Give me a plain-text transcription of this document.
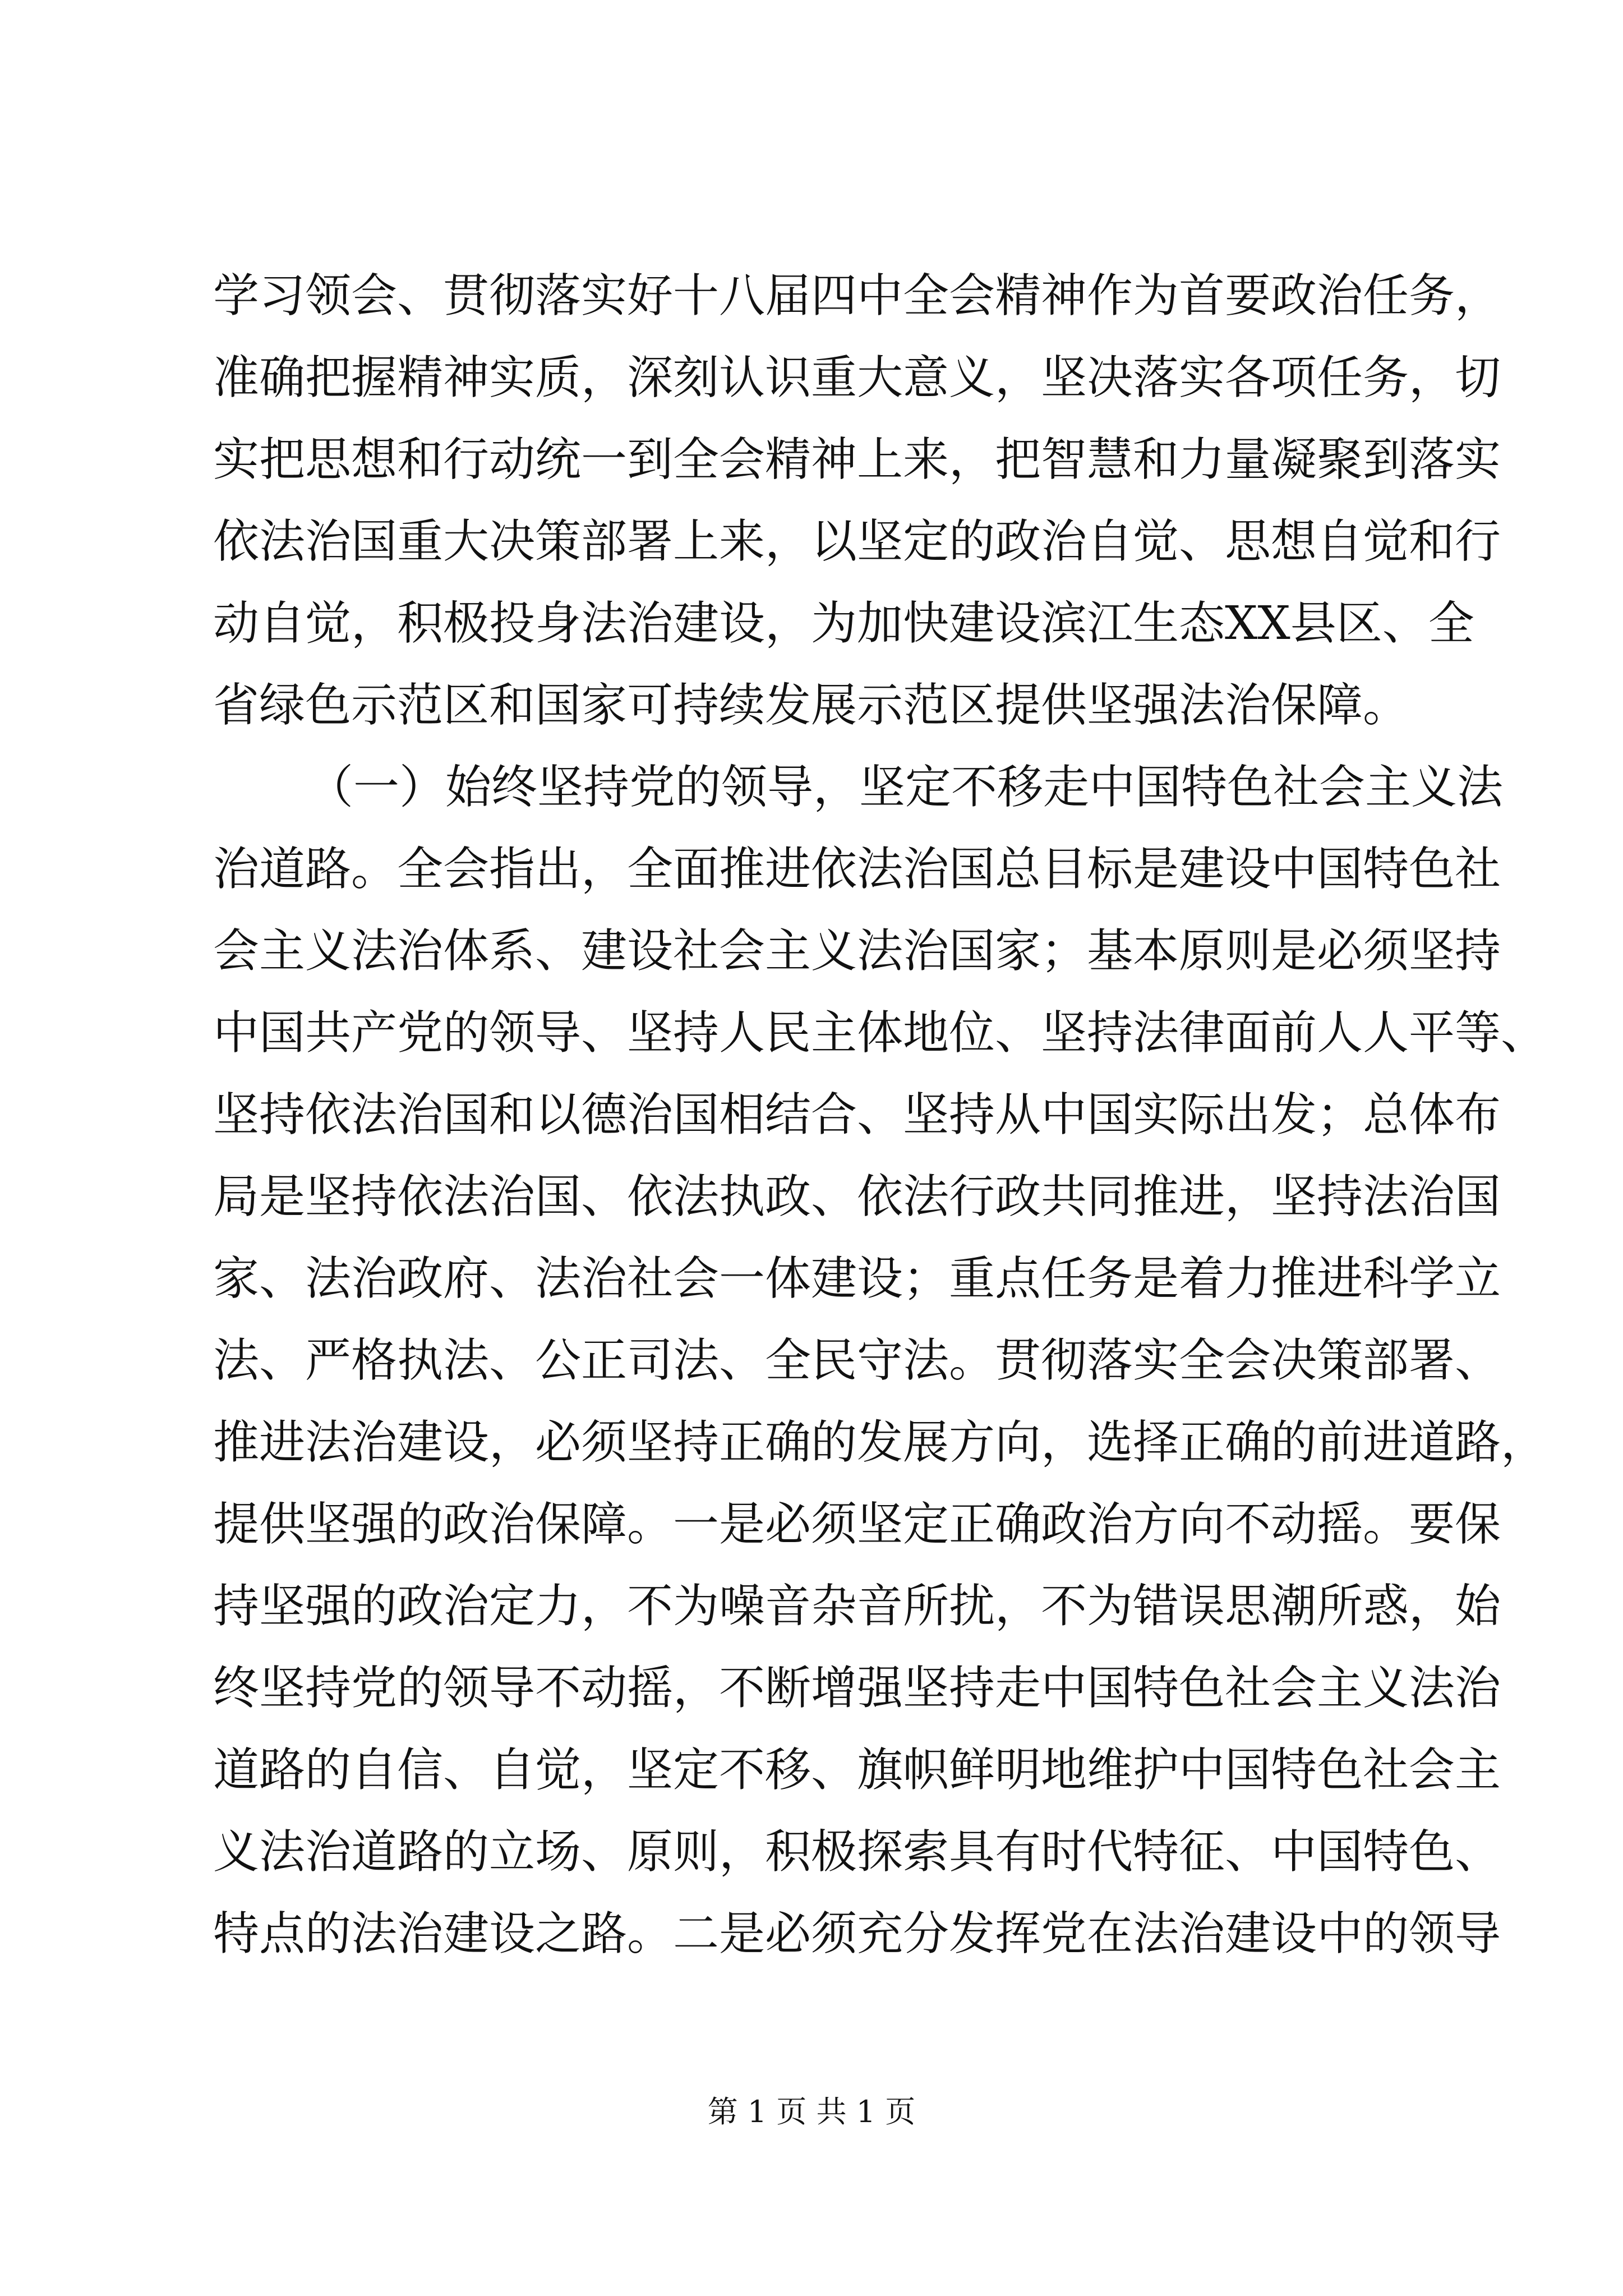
学习领会、贯彻落实好十八届四中全会精神作为首要政治任务，
准确把握精神实质，深刻认识重大意义，坚决落实各项任务，切
实把思想和行动统一到全会精神上来，把智慧和力量凝聚到落实
依法治国重大决策部署上来，以坚定的政治自觉、思想自觉和行
动自觉，积极投身法治建设，为加快建设滨江生态XX县区、全
省绿色示范区和国家可持续发展示范区提供坚强法治保障。
（一）始终坚持党的领导，坚定不移走中国特色社会主义法
治道路。全会指出，全面推进依法治国总目标是建设中国特色社
会主义法治体系、建设社会主义法治国家；基本原则是必须坚持
中国共产党的领导、坚持人民主体地位、坚持法律面前人人平等、
坚持依法治国和以德治国相结合、坚持从中国实际出发；总体布
局是坚持依法治国、依法执政、依法行政共同推进，坚持法治国
家、法治政府、法治社会一体建设；重点任务是着力推进科学立
法、严格执法、公正司法、全民守法。贯彻落实全会决策部署、
推进法治建设，必须坚持正确的发展方向，选择正确的前进道路，
提供坚强的政治保障。一是必须坚定正确政治方向不动摇。要保
持坚强的政治定力，不为噪音杂音所扰，不为错误思潮所惑，始
终坚持党的领导不动摇，不断增强坚持走中国特色社会主义法治
道路的自信、自觉，坚定不移、旗帜鲜明地维护中国特色社会主
义法治道路的立场、原则，积极探索具有时代特征、中国特色、
特点的法治建设之路。二是必须充分发挥党在法治建设中的领导
第 1 页 共 1 页
